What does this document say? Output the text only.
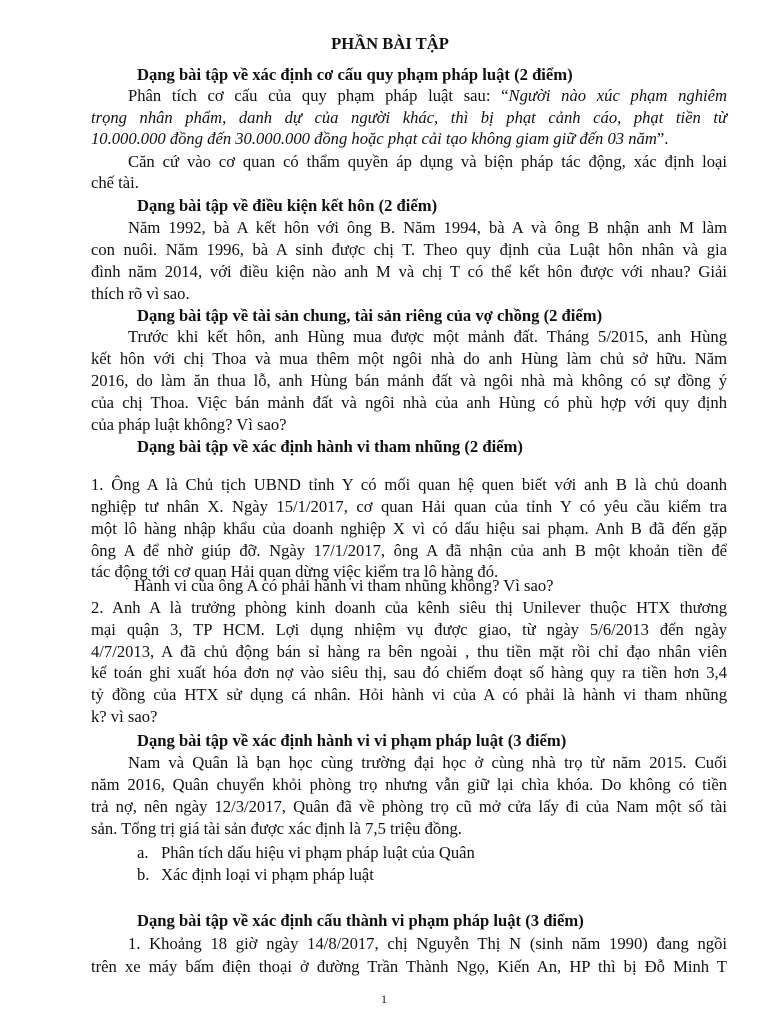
PHẦN BÀI TẬP
Dạng bài tập về xác định cơ cấu quy phạm pháp luật (2 điểm)
Phân tích cơ cấu của quy phạm pháp luật sau: “Người nào xúc phạm nghiêm
trọng nhân phẩm, danh dự của người khác, thì bị phạt cảnh cáo, phạt tiền từ
10.000.000 đồng đến 30.000.000 đồng hoặc phạt cải tạo không giam giữ đến 03 năm”.
Căn cứ vào cơ quan có thẩm quyền áp dụng và biện pháp tác động, xác định loại
chế tài.
Dạng bài tập về điều kiện kết hôn (2 điểm)
Năm 1992, bà A kết hôn với ông B. Năm 1994, bà A và ông B nhận anh M làm
con nuôi. Năm 1996, bà A sinh được chị T. Theo quy định của Luật hôn nhân và gia
đình năm 2014, với điều kiện nào anh M và chị T có thể kết hôn được với nhau? Giải
thích rõ vì sao.
Dạng bài tập về tài sản chung, tài sản riêng của vợ chồng (2 điểm)
Trước khi kết hôn, anh Hùng mua được một mảnh đất. Tháng 5/2015, anh Hùng
kết hôn với chị Thoa và mua thêm một ngôi nhà do anh Hùng làm chủ sở hữu. Năm
2016, do làm ăn thua lỗ, anh Hùng bán mảnh đất và ngôi nhà mà không có sự đồng ý
của chị Thoa. Việc bán mảnh đất và ngôi nhà của anh Hùng có phù hợp với quy định
của pháp luật không? Vì sao?
Dạng bài tập về xác định hành vi tham nhũng (2 điểm)
1. Ông A là Chủ tịch UBND tỉnh Y có mối quan hệ quen biết với anh B là chủ doanh
nghiệp tư nhân X. Ngày 15/1/2017, cơ quan Hải quan của tỉnh Y có yêu cầu kiểm tra
một lô hàng nhập khẩu của doanh nghiệp X vì có dấu hiệu sai phạm. Anh B đã đến gặp
ông A để nhờ giúp đỡ. Ngày 17/1/2017, ông A đã nhận của anh B một khoản tiền để
tác động tới cơ quan Hải quan dừng việc kiểm tra lô hàng đó.
Hành vi của ông A có phải hành vi tham nhũng không? Vì sao?
2. Anh A là trưởng phòng kinh doanh của kênh siêu thị Unilever thuộc HTX thương
mại quận 3, TP HCM. Lợi dụng nhiệm vụ được giao, từ ngày 5/6/2013 đến ngày
4/7/2013, A đã chủ động bán sỉ hàng ra bên ngoài , thu tiền mặt rồi chỉ đạo nhân viên
kế toán ghi xuất hóa đơn nợ vào siêu thị, sau đó chiếm đoạt số hàng quy ra tiền hơn 3,4
tỷ đồng của HTX sử dụng cá nhân. Hỏi hành vi của A có phải là hành vi tham nhũng
k? vì sao?
Dạng bài tập về xác định hành vi vi phạm pháp luật (3 điểm)
Nam và Quân là bạn học cùng trường đại học ở cùng nhà trọ từ năm 2015. Cuối
năm 2016, Quân chuyển khỏi phòng trọ nhưng vẫn giữ lại chìa khóa. Do không có tiền
trả nợ, nên ngày 12/3/2017, Quân đã về phòng trọ cũ mở cửa lấy đi của Nam một số tài
sản. Tổng trị giá tài sản được xác định là 7,5 triệu đồng.
a. Phân tích dấu hiệu vi phạm pháp luật của Quân
b. Xác định loại vi phạm pháp luật
Dạng bài tập về xác định cấu thành vi phạm pháp luật (3 điểm)
1. Khoảng 18 giờ ngày 14/8/2017, chị Nguyễn Thị N (sinh năm 1990) đang ngồi
trên xe máy bấm điện thoại ở đường Trần Thành Ngọ, Kiến An, HP thì bị Đỗ Minh T
1
